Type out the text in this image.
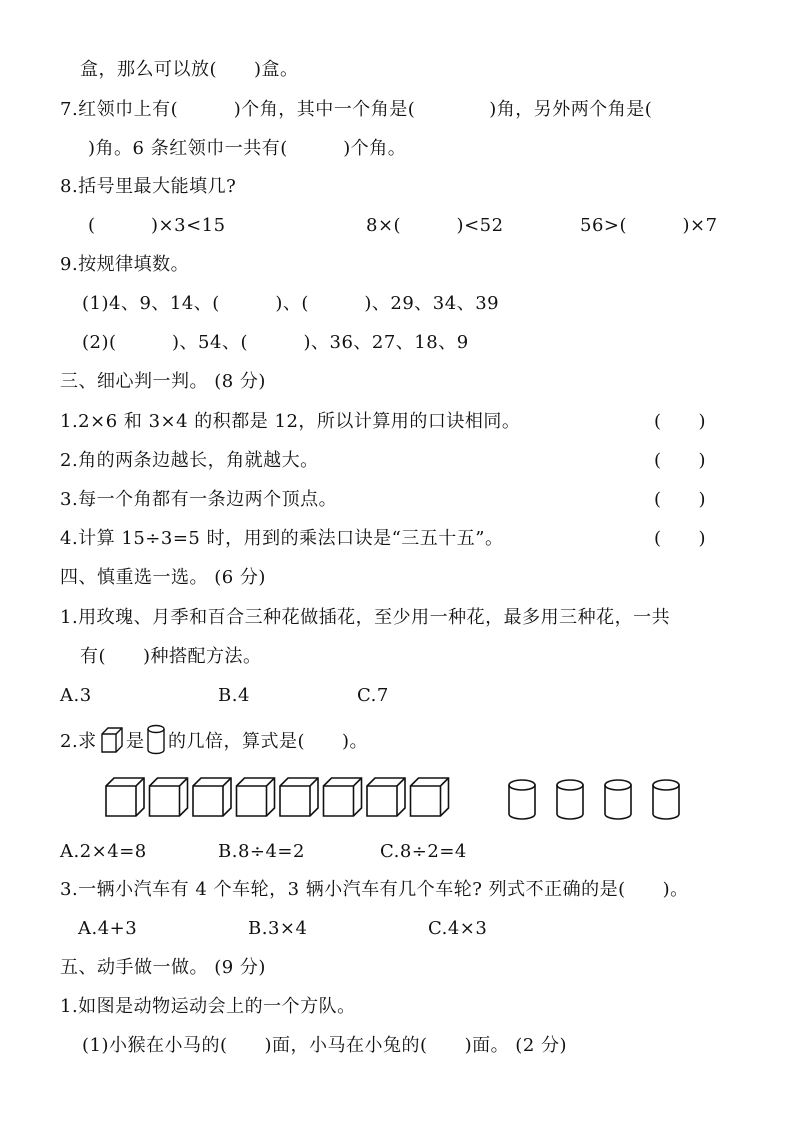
盒，那么可以放(　　)盒。
7.红领巾上有(　　　)个角，其中一个角是(　　　　)角，另外两个角是(
)角。6 条红领巾一共有(　　　)个角。
8.括号里最大能填几?
(　　　)×3<15	8×(　　　)<52	56>(　　　)×7
9.按规律填数。
(1)4、9、14、(　　　)、(　　　)、29、34、39
(2)(　　　)、54、(　　　)、36、27、18、9
三、细心判一判。 (8 分)
1.2×6 和 3×4 的积都是 12，所以计算用的口诀相同。	(　　)
2.角的两条边越长，角就越大。	(　　)
3.每一个角都有一条边两个顶点。	(　　)
4.计算 15÷3=5 时，用到的乘法口诀是“三五十五”。	(　　)
四、慎重选一选。 (6 分)
1.用玫瑰、月季和百合三种花做插花，至少用一种花，最多用三种花，一共
有(　　)种搭配方法。
A.3	B.4	C.7
2.求 是 的几倍，算式是(　　)。
A.2×4=8	B.8÷4=2	C.8÷2=4
3.一辆小汽车有 4 个车轮，3 辆小汽车有几个车轮? 列式不正确的是(　　)。
A.4+3	B.3×4	C.4×3
五、动手做一做。 (9 分)
1.如图是动物运动会上的一个方队。
(1)小猴在小马的(　　)面，小马在小兔的(　　)面。 (2 分)
